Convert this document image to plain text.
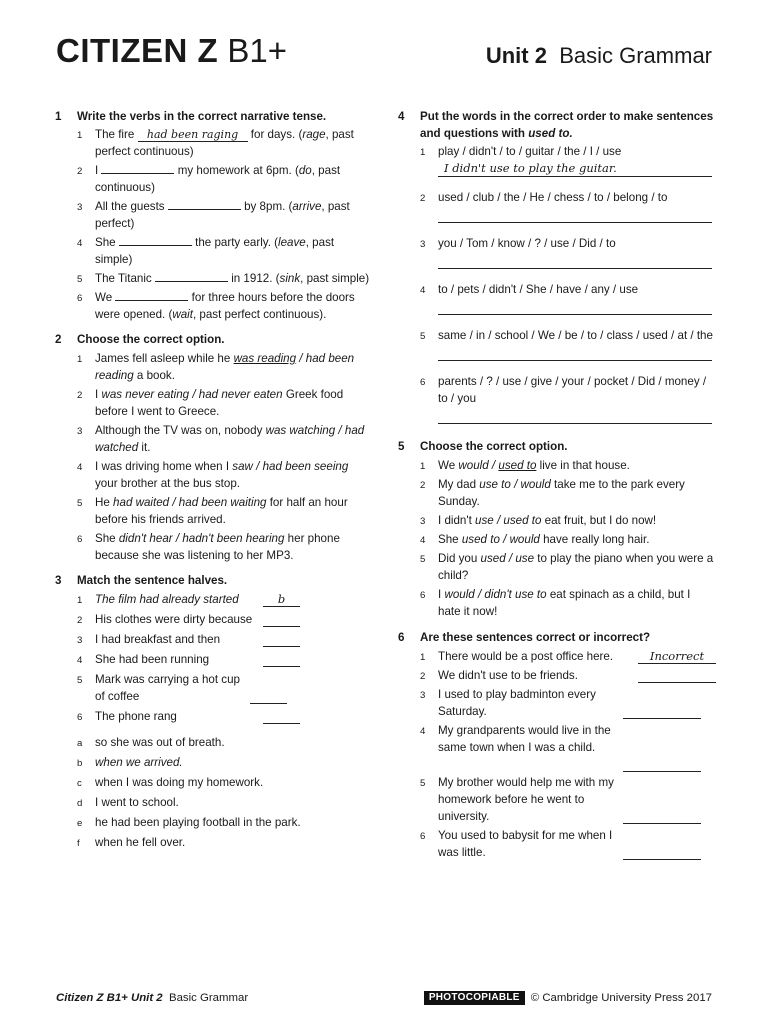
CITIZEN Z B1+	Unit 2 Basic Grammar
1 Write the verbs in the correct narrative tense.
1 The fire had been raging for days. (rage, past perfect continuous)
2 I	my homework at 6pm. (do, past continuous)
3 All the guests	by 8pm. (arrive, past perfect)
4 She	the party early. (leave, past simple)
5 The Titanic	in 1912. (sink, past simple)
6 We	for three hours before the doors were opened. (wait, past perfect continuous).
2 Choose the correct option.
1 James fell asleep while he was reading / had been reading a book.
2 I was never eating / had never eaten Greek food before I went to Greece.
3 Although the TV was on, nobody was watching / had watched it.
4 I was driving home when I saw / had been seeing your brother at the bus stop.
5 He had waited / had been waiting for half an hour before his friends arrived.
6 She didn't hear / hadn't been hearing her phone because she was listening to her MP3.
3 Match the sentence halves.
1 The film had already started	b
2 His clothes were dirty because
3 I had breakfast and then
4 She had been running
5 Mark was carrying a hot cup of coffee
6 The phone rang
a so she was out of breath.
b when we arrived.
c when I was doing my homework.
d I went to school.
e he had been playing football in the park.
f when he fell over.
4 Put the words in the correct order to make sentences and questions with used to.
1 play / didn't / to / guitar / the / I / use
I didn't use to play the guitar.
2 used / club / the / He / chess / to / belong / to
3 you / Tom / know / ? / use / Did / to
4 to / pets / didn't / She / have / any / use
5 same / in / school / We / be / to / class / used / at / the
6 parents / ? / use / give / your / pocket / Did / money / to / you
5 Choose the correct option.
1 We would / used to live in that house.
2 My dad use to / would take me to the park every Sunday.
3 I didn't use / used to eat fruit, but I do now!
4 She used to / would have really long hair.
5 Did you used / use to play the piano when you were a child?
6 I would / didn't use to eat spinach as a child, but I hate it now!
6 Are these sentences correct or incorrect?
1 There would be a post office here.	Incorrect
2 We didn't use to be friends.
3 I used to play badminton every Saturday.
4 My grandparents would live in the same town when I was a child.
5 My brother would help me with my homework before he went to university.
6 You used to babysit for me when I was little.
Citizen Z B1+ Unit 2 Basic Grammar	PHOTOCOPIABLE © Cambridge University Press 2017
